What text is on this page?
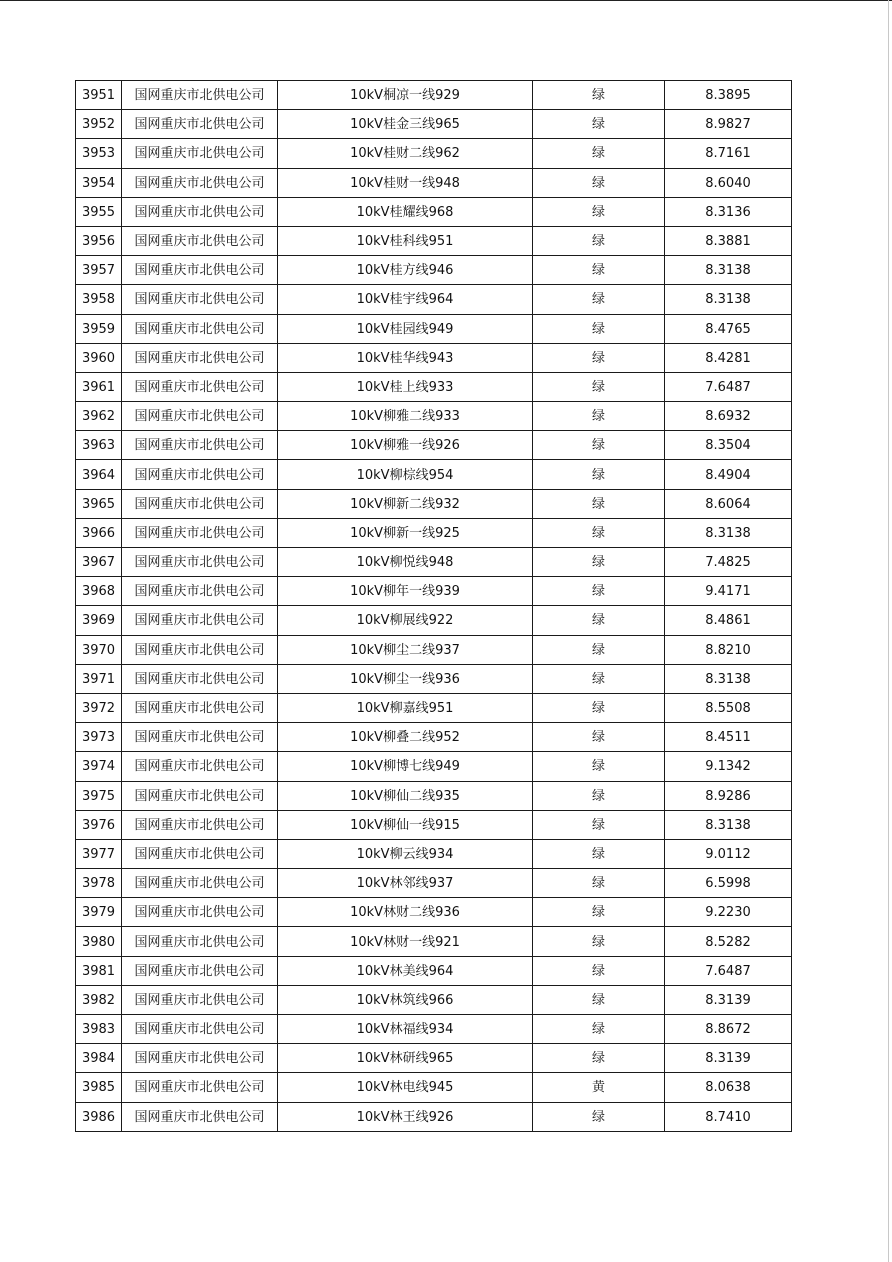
3951	国网重庆市北供电公司	10kV桐凉一线929	绿	8.3895
3952	国网重庆市北供电公司	10kV桂金三线965	绿	8.9827
3953	国网重庆市北供电公司	10kV桂财二线962	绿	8.7161
3954	国网重庆市北供电公司	10kV桂财一线948	绿	8.6040
3955	国网重庆市北供电公司	10kV桂耀线968	绿	8.3136
3956	国网重庆市北供电公司	10kV桂科线951	绿	8.3881
3957	国网重庆市北供电公司	10kV桂方线946	绿	8.3138
3958	国网重庆市北供电公司	10kV桂宇线964	绿	8.3138
3959	国网重庆市北供电公司	10kV桂园线949	绿	8.4765
3960	国网重庆市北供电公司	10kV桂华线943	绿	8.4281
3961	国网重庆市北供电公司	10kV桂上线933	绿	7.6487
3962	国网重庆市北供电公司	10kV柳雅二线933	绿	8.6932
3963	国网重庆市北供电公司	10kV柳雅一线926	绿	8.3504
3964	国网重庆市北供电公司	10kV柳棕线954	绿	8.4904
3965	国网重庆市北供电公司	10kV柳新二线932	绿	8.6064
3966	国网重庆市北供电公司	10kV柳新一线925	绿	8.3138
3967	国网重庆市北供电公司	10kV柳悦线948	绿	7.4825
3968	国网重庆市北供电公司	10kV柳年一线939	绿	9.4171
3969	国网重庆市北供电公司	10kV柳展线922	绿	8.4861
3970	国网重庆市北供电公司	10kV柳尘二线937	绿	8.8210
3971	国网重庆市北供电公司	10kV柳尘一线936	绿	8.3138
3972	国网重庆市北供电公司	10kV柳嘉线951	绿	8.5508
3973	国网重庆市北供电公司	10kV柳叠二线952	绿	8.4511
3974	国网重庆市北供电公司	10kV柳博七线949	绿	9.1342
3975	国网重庆市北供电公司	10kV柳仙二线935	绿	8.9286
3976	国网重庆市北供电公司	10kV柳仙一线915	绿	8.3138
3977	国网重庆市北供电公司	10kV柳云线934	绿	9.0112
3978	国网重庆市北供电公司	10kV林邻线937	绿	6.5998
3979	国网重庆市北供电公司	10kV林财二线936	绿	9.2230
3980	国网重庆市北供电公司	10kV林财一线921	绿	8.5282
3981	国网重庆市北供电公司	10kV林美线964	绿	7.6487
3982	国网重庆市北供电公司	10kV林筑线966	绿	8.3139
3983	国网重庆市北供电公司	10kV林福线934	绿	8.8672
3984	国网重庆市北供电公司	10kV林研线965	绿	8.3139
3985	国网重庆市北供电公司	10kV林电线945	黄	8.0638
3986	国网重庆市北供电公司	10kV林王线926	绿	8.7410
